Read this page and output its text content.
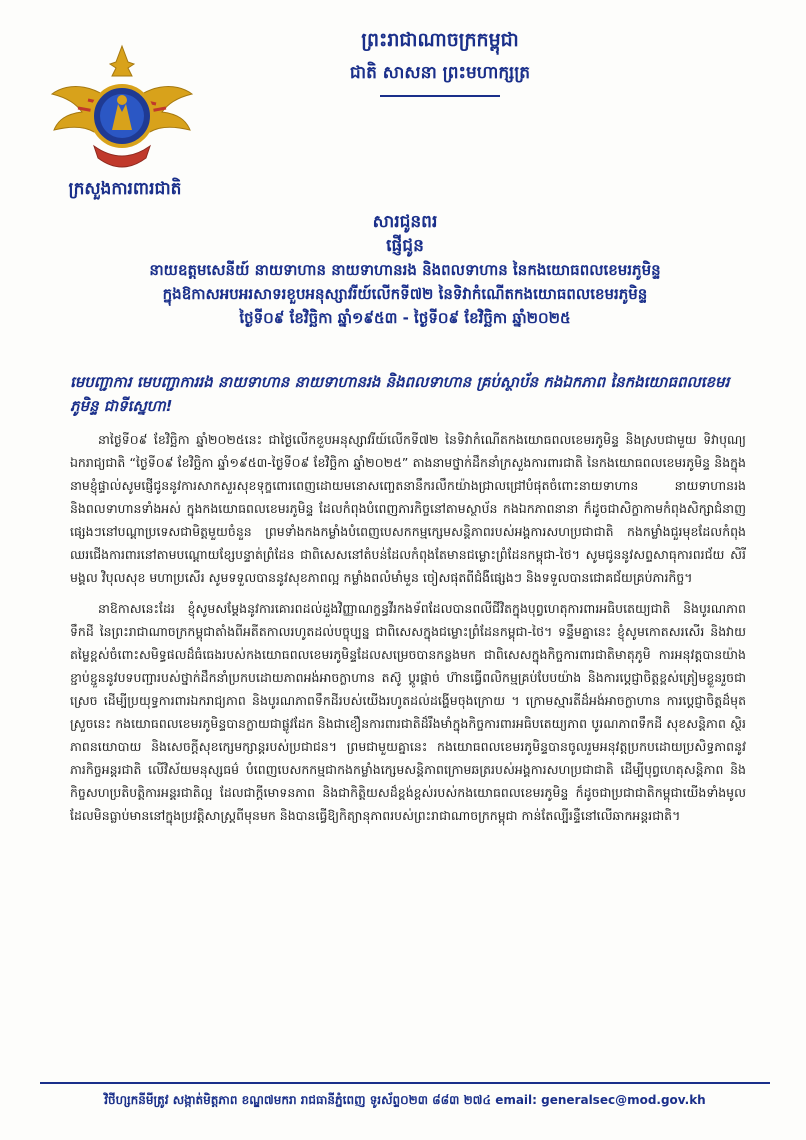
ក្រសួងការពារជាតិ
ព្រះរាជាណាចក្រកម្ពុជា
ជាតិ សាសនា ព្រះមហាក្សត្រ
សារជូនពរ
ផ្ញើជូន
នាយឧត្តមសេនីយ៍ នាយទាហាន នាយទាហានរង និងពលទាហាន នៃកងយោធពលខេមរភូមិន្ទ
ក្នុងឱកាសអបអរសាទរខួបអនុស្សាវរីយ៍លើកទី៧២ នៃទិវាកំណើតកងយោធពលខេមរភូមិន្ទ
ថ្ងៃទី០៩ ខែវិច្ឆិកា ឆ្នាំ១៩៥៣ - ថ្ងៃទី០៩ ខែវិច្ឆិកា ឆ្នាំ២០២៥
មេបញ្ជាការ មេបញ្ជាការរង នាយទាហាន នាយទាហានរង និងពលទាហាន គ្រប់ស្ថាប័ន កងឯកភាព នៃកងយោធពលខេមរភូមិន្ទ ជាទីស្នេហា!

នាថ្ងៃទី០៩ ខែវិច្ឆិកា ឆ្នាំ២០២៥នេះ ជាថ្ងៃលើកខួបអនុស្សាវរីយ៍លើកទី៧២ នៃទិវាកំណើតកងយោធពលខេមរភូមិន្ទ និងស្របជាមួយ ទិវាបុណ្យឯករាជ្យជាតិ “ថ្ងៃទី០៩ ខែវិច្ឆិកា ឆ្នាំ១៩៥៣-ថ្ងៃទី០៩ ខែវិច្ឆិកា ឆ្នាំ២០២៥” តាងនាមថ្នាក់ដឹកនាំក្រសួងការពារជាតិ នៃកងយោធពលខេមរភូមិន្ទ និងក្នុងនាមខ្ញុំផ្ទាល់សូមផ្ញើជូននូវការសាកសួរសុខទុក្ខពោរពេញដោយមនោសញ្ចេតនានឹករលឹកយ៉ាងជ្រាលជ្រៅបំផុតចំពោះនាយទាហាន នាយទាហានរង និងពលទាហានទាំងអស់ ក្នុងកងយោធពលខេមរភូមិន្ទ ដែលកំពុងបំពេញភារកិច្ចនៅតាមស្ថាប័ន កងឯកភាពនានា ក៏ដូចជាសិក្ខាកាមកំពុងសិក្សាជំនាញផ្សេងៗនៅបណ្តាប្រទេសជាមិត្តមួយចំនួន ព្រមទាំងកងកម្លាំងបំពេញបេសកកម្មក្សេមសន្តិភាពរបស់អង្គការសហប្រជាជាតិ កងកម្លាំងជួរមុខដែលកំពុងឈរជើងការពារនៅតាមបណ្តោយខ្សែបន្ទាត់ព្រំដែន ជាពិសេសនៅតំបន់ដែលកំពុងតែមានជម្លោះព្រំដែនកម្ពុជា-ថៃ។ សូមជូននូវសព្ទសាធុការពរជ័យ សិរីមង្គល វិបុលសុខ មហាប្រសើរ សូមទទួលបាននូវសុខភាពល្អ កម្លាំងពលំមាំមួន ចៀសផុតពីជំងឺផ្សេងៗ និងទទួលបានជោគជ័យគ្រប់ភារកិច្ច។

នាឱកាសនេះដែរ ខ្ញុំសូមសម្តែងនូវការគោរពដល់ដួងវិញ្ញាណក្ខន្ធវីរកងទ័ពដែលបានពលីជីវិតក្នុងបុព្វហេតុការពារអធិបតេយ្យជាតិ និងបូរណភាពទឹកដី នៃព្រះរាជាណាចក្រកម្ពុជាតាំងពីអតីតកាលរហូតដល់បច្ចុប្បន្ន ជាពិសេសក្នុងជម្លោះព្រំដែនកម្ពុជា-ថៃ។ ទន្ទឹមគ្នានេះ ខ្ញុំសូមកោតសរសើរ និងវាយតម្លៃខ្ពស់ចំពោះសមិទ្ធផលដ៏ធំធេងរបស់កងយោធពលខេមរភូមិន្ទដែលសម្រេចបានកន្លងមក ជាពិសេសក្នុងកិច្ចការពារជាតិមាតុភូមិ ការអនុវត្តបានយ៉ាងខ្ជាប់ខ្ជួននូវបទបញ្ជារបស់ថ្នាក់ដឹកនាំប្រកបដោយភាពអង់អាចក្លាហាន តស៊ូ ប្តូរផ្តាច់ ហ៊ានធ្វើពលិកម្មគ្រប់បែបយ៉ាង និងការប្តេជ្ញាចិត្តខ្ពស់ត្រៀមខ្លួនរួចជាស្រេច ដើម្បីប្រយុទ្ធការពារឯករាជ្យភាព និងបូរណភាពទឹកដីរបស់យើងរហូតដល់ដង្ហើមចុងក្រោយ ។ ក្រោមស្មារតីដ៏អង់អាចក្លាហាន ការប្តេជ្ញាចិត្តដ៏មុតស្រួចនេះ កងយោធពលខេមរភូមិន្ទបានក្លាយជាផ្លូវដែក និងជាខឿនការពារជាតិដ៏រឹងមាំក្នុងកិច្ចការពារអធិបតេយ្យភាព បូរណភាពទឹកដី សុខសន្តិភាព ស្ថិរភាពនយោបាយ និងសេចក្តីសុខក្សេមក្សាន្តរបស់ប្រជាជន។ ព្រមជាមួយគ្នានេះ កងយោធពលខេមរភូមិន្ទបានចូលរួមអនុវត្តប្រកបដោយប្រសិទ្ធភាពនូវភារកិច្ចអន្តរជាតិ លើវិស័យមនុស្សធម៌ បំពេញបេសកកម្មជាកងកម្លាំងក្សេមសន្តិភាពក្រោមឆត្ររបស់អង្គការសហប្រជាជាតិ ដើម្បីបុព្វហេតុសន្តិភាព និងកិច្ចសហប្រតិបត្តិការអន្តរជាតិល្អ ដែលជាក្តីមោទនភាព និងជាកិត្តិយសដ៏ខ្ពង់ខ្ពស់របស់កងយោធពលខេមរភូមិន្ទ ក៏ដូចជាប្រជាជាតិកម្ពុជាយើងទាំងមូល ដែលមិនធ្លាប់មាននៅក្នុងប្រវត្តិសាស្ត្រពីមុនមក និងបានធ្វើឱ្យកិត្យានុភាពរបស់ព្រះរាជាណាចក្រកម្ពុជា កាន់តែល្បីរន្ទឺនៅលើឆាកអន្តរជាតិ។

វិថីហ្សកនីមីត្រូវ សង្កាត់មិត្តភាព ខណ្ឌ៧មករា រាជធានីភ្នំពេញ ទូរស័ព្ទ០២៣ ៨៨៣ ២៧៤ email: generalsec@mod.gov.kh
